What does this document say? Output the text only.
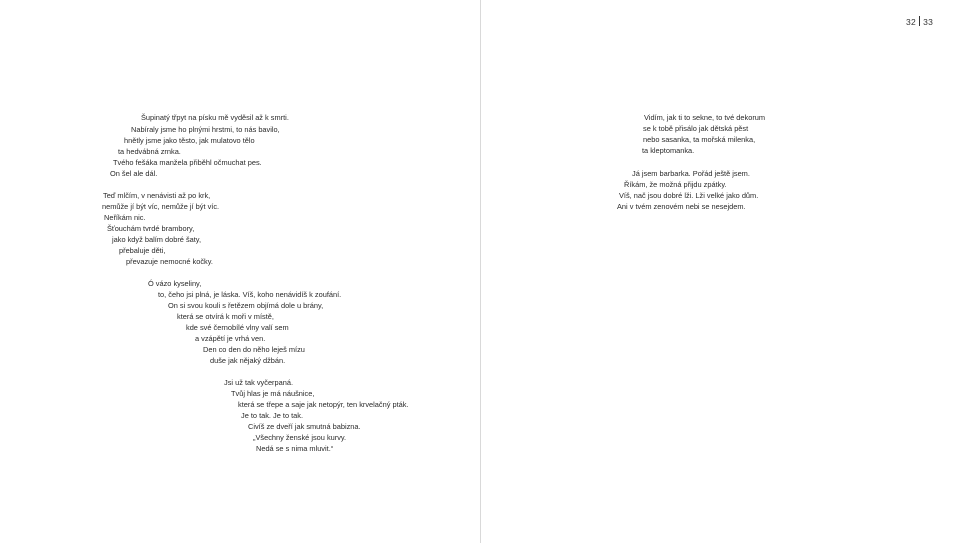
Šupinatý třpyt na písku mě vyděsil až k smrti.
Nabíraly jsme ho plnými hrstmi, to nás bavilo,
hnětly jsme jako těsto, jak mulatovo tělo
ta hedvábná zrnka.
Tvého fešáka manžela přiběhl očmuchat pes.
On šel ale dál.
Teď mlčím, v nenávisti až po krk,
nemůže jí být víc, nemůže jí být víc.
Neříkám nic.
Šťouchám tvrdé brambory,
jako když balím dobré šaty,
přebaluje děti,
převazuje nemocné kočky.
Ó vázo kyseliny,
to, čeho jsi plná, je láska. Víš, koho nenávidíš k zoufání.
On si svou kouli s řetězem objímá dole u brány,
která se otvírá k moři v místě,
kde své černobílé vlny valí sem
a vzápětí je vrhá ven.
Den co den do něho leješ mízu
duše jak nějaký džbán.
Jsi už tak vyčerpaná.
Tvůj hlas je má náušnice,
která se třepe a saje jak netopýr, ten krvelačný pták.
Je to tak. Je to tak.
Civíš ze dveří jak smutná babizna.
„Všechny ženské jsou kurvy.
Nedá se s nima mluvit.“
Vidím, jak ti to sekne, to tvé dekorum
se k tobě přisálo jak dětská pěst
nebo sasanka, ta mořská milenka,
ta kleptomanka.
Já jsem barbarka. Pořád ještě jsem.
Říkám, že možná přijdu zpátky.
Víš, nač jsou dobré lži. Lži velké jako dům.
Ani v tvém zenovém nebi se nesejdem.
32 33
